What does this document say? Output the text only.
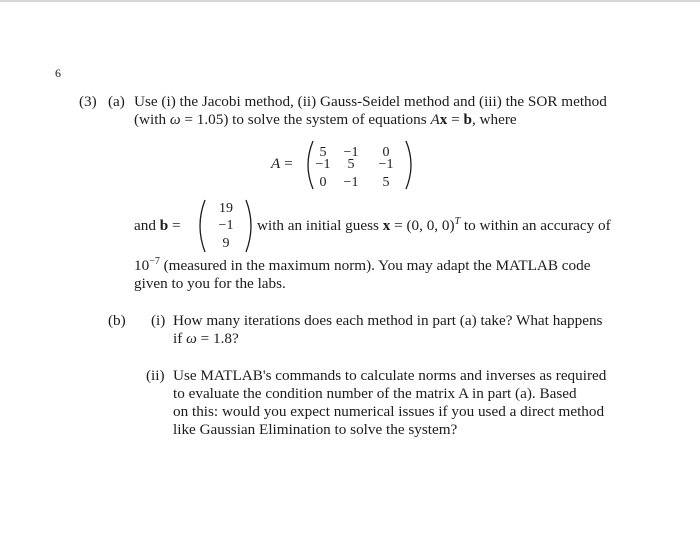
6
(3) (a) Use (i) the Jacobi method, (ii) Gauss-Seidel method and (iii) the SOR method
(with ω = 1.05) to solve the system of equations Ax = b, where
A =
5	−1	0
−1	5	−1
0	−1	5
and b =
19
−1
9
with an initial guess x = (0, 0, 0)$^T$ to within an accuracy of
$10^{-7}$ (measured in the maximum norm). You may adapt the MATLAB code
given to you for the labs.
(b) (i) How many iterations does each method in part (a) take? What happens
if ω = 1.8?
(ii) Use MATLAB's commands to calculate norms and inverses as required
to evaluate the condition number of the matrix A in part (a). Based
on this: would you expect numerical issues if you used a direct method
like Gaussian Elimination to solve the system?
